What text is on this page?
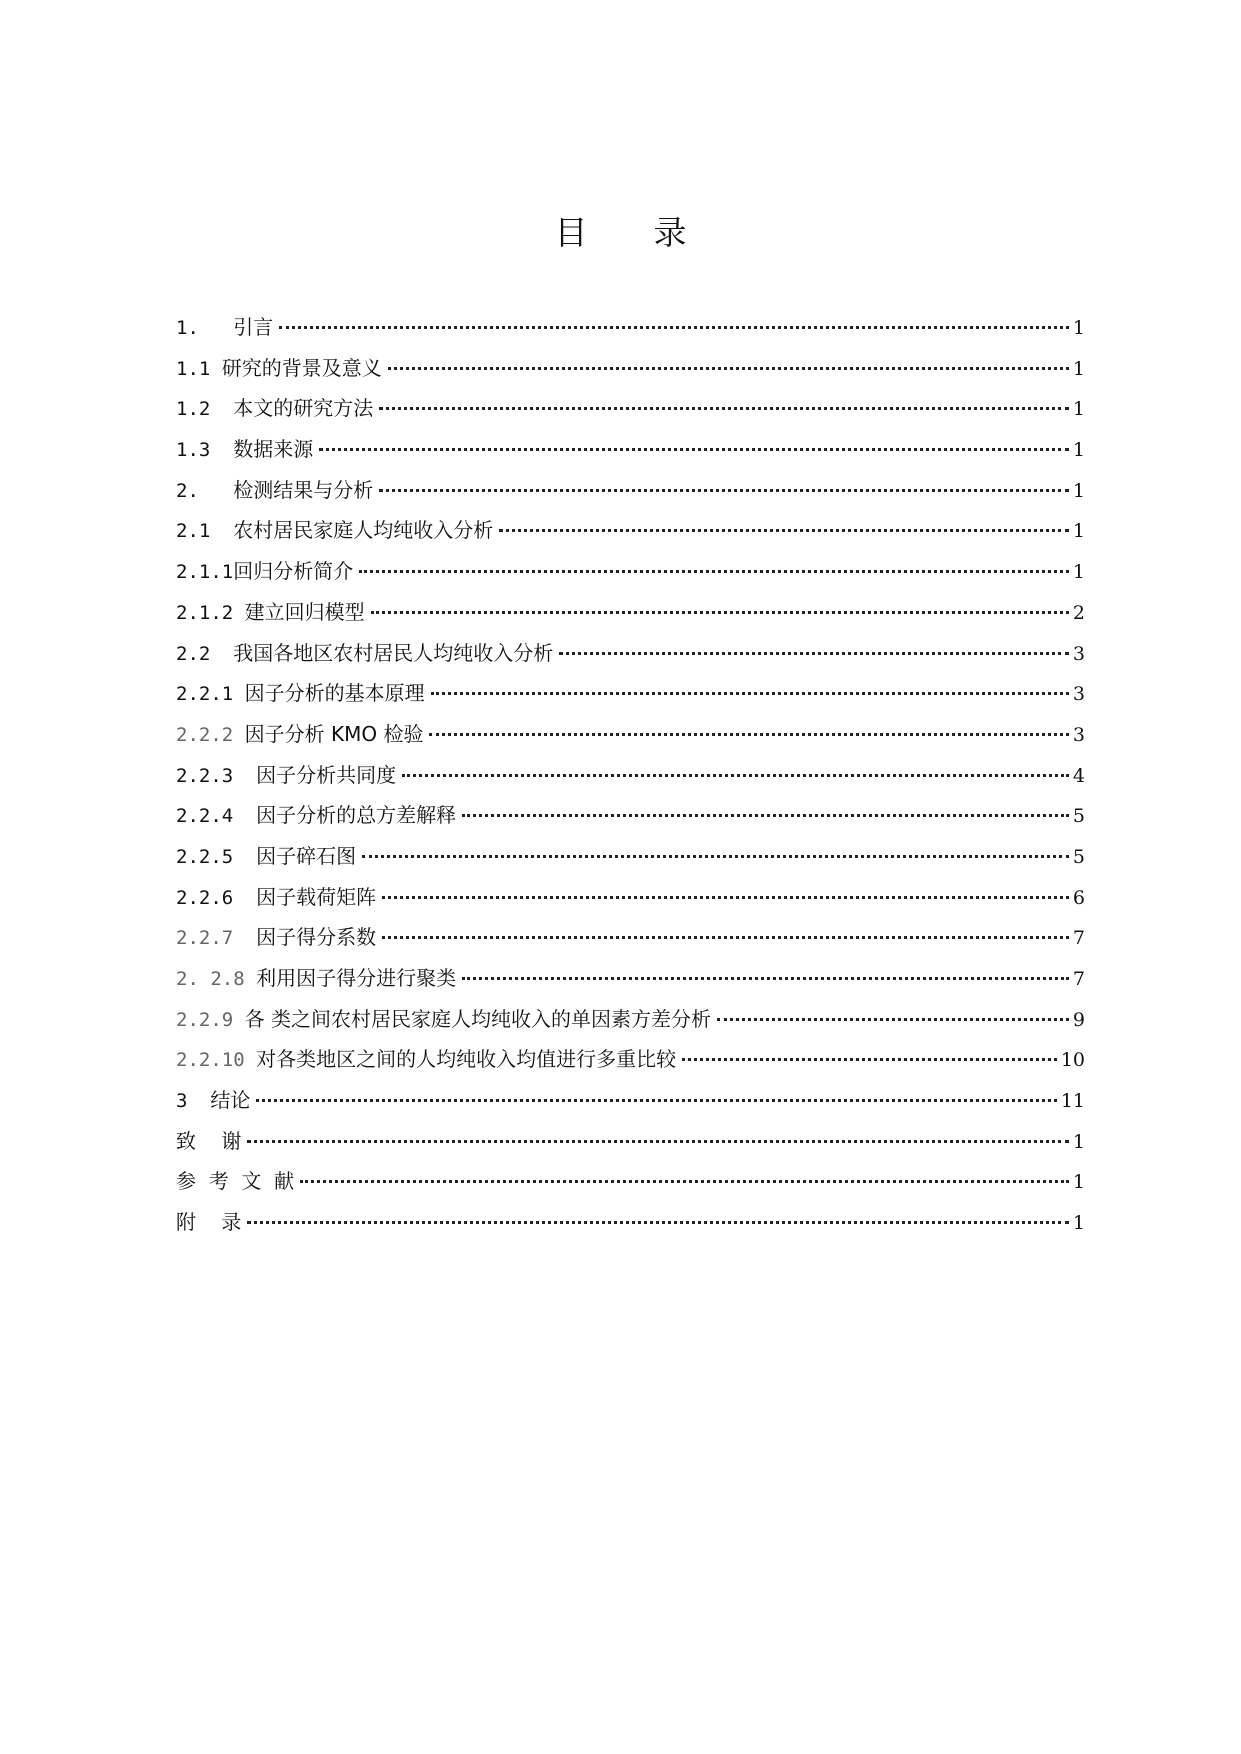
目 录
1. 引言	1
1.1 研究的背景及意义	1
1.2 本文的研究方法	1
1.3 数据来源	1
2. 检测结果与分析	1
2.1 农村居民家庭人均纯收入分析	1
2.1.1 回归分析简介	1
2.1.2 建立回归模型	2
2.2 我国各地区农村居民人均纯收入分析	3
2.2.1 因子分析的基本原理	3
2.2.2 因子分析 KMO 检验	3
2.2.3 因子分析共同度	4
2.2.4 因子分析的总方差解释	5
2.2.5 因子碎石图	5
2.2.6 因子载荷矩阵	6
2.2.7 因子得分系数	7
2. 2.8 利用因子得分进行聚类	7
2.2.9 各 类之间农村居民家庭人均纯收入的单因素方差分析	9
2.2.10 对各类地区之间的人均纯收入均值进行多重比较	10
3 结论	11
致    谢	1
参  考  文  献	1
附    录	1
